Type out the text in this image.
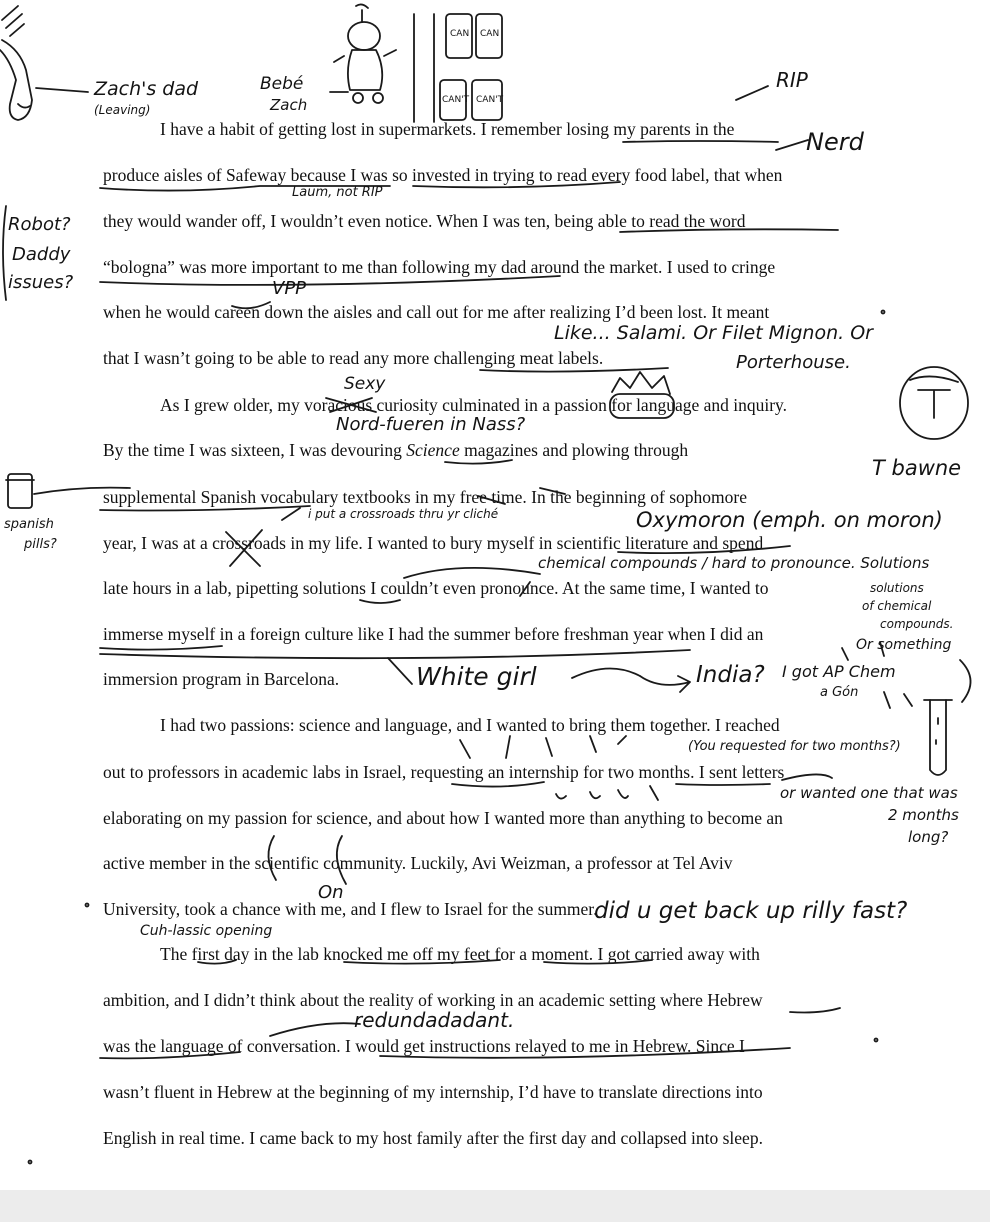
I have a habit of getting lost in supermarkets. I remember losing my parents in the
produce aisles of Safeway because I was so invested in trying to read every food label, that when
they would wander off, I wouldn’t even notice. When I was ten, being able to read the word
“bologna” was more important to me than following my dad around the market. I used to cringe
when he would careen down the aisles and call out for me after realizing I’d been lost. It meant
that I wasn’t going to be able to read any more challenging meat labels.
As I grew older, my voracious curiosity culminated in a passion for language and inquiry.
By the time I was sixteen, I was devouring Science magazines and plowing through
supplemental Spanish vocabulary textbooks in my free time. In the beginning of sophomore
year, I was at a crossroads in my life. I wanted to bury myself in scientific literature and spend
late hours in a lab, pipetting solutions I couldn’t even pronounce. At the same time, I wanted to
immerse myself in a foreign culture like I had the summer before freshman year when I did an
immersion program in Barcelona.
I had two passions: science and language, and I wanted to bring them together. I reached
out to professors in academic labs in Israel, requesting an internship for two months. I sent letters
elaborating on my passion for science, and about how I wanted more than anything to become an
active member in the scientific community. Luckily, Avi Weizman, a professor at Tel Aviv
University, took a chance with me, and I flew to Israel for the summer.
The first day in the lab knocked me off my feet for a moment. I got carried away with
ambition, and I didn’t think about the reality of working in an academic setting where Hebrew
was the language of conversation. I would get instructions relayed to me in Hebrew. Since I
wasn’t fluent in Hebrew at the beginning of my internship, I’d have to translate directions into
English in real time. I came back to my host family after the first day and collapsed into sleep.
Zach's dad
(Leaving)
Bebé
Zach
CAN CAN
CAN'T CAN'T
RIP
Nerd
Laum, not RIP
Robot?
Daddy
issues?	VPP
Like... Salami. Or Filet Mignon. Or
Porterhouse.
Sexy
Nord-fueren in Nass?
T bawne
spanish
pills?
i put a crossroads thru yr cliché	Oxymoron (emph. on moron)
chemical compounds / hard to pronounce. Solutions
solutions
of chemical
compounds.
Or something
White girl	India? I got AP Chem
a Gón
(You requested for two months?)
or wanted one that was
2 months
long?
On
Cuh-lassic opening
did u get back up rilly fast?
redundadadant.
